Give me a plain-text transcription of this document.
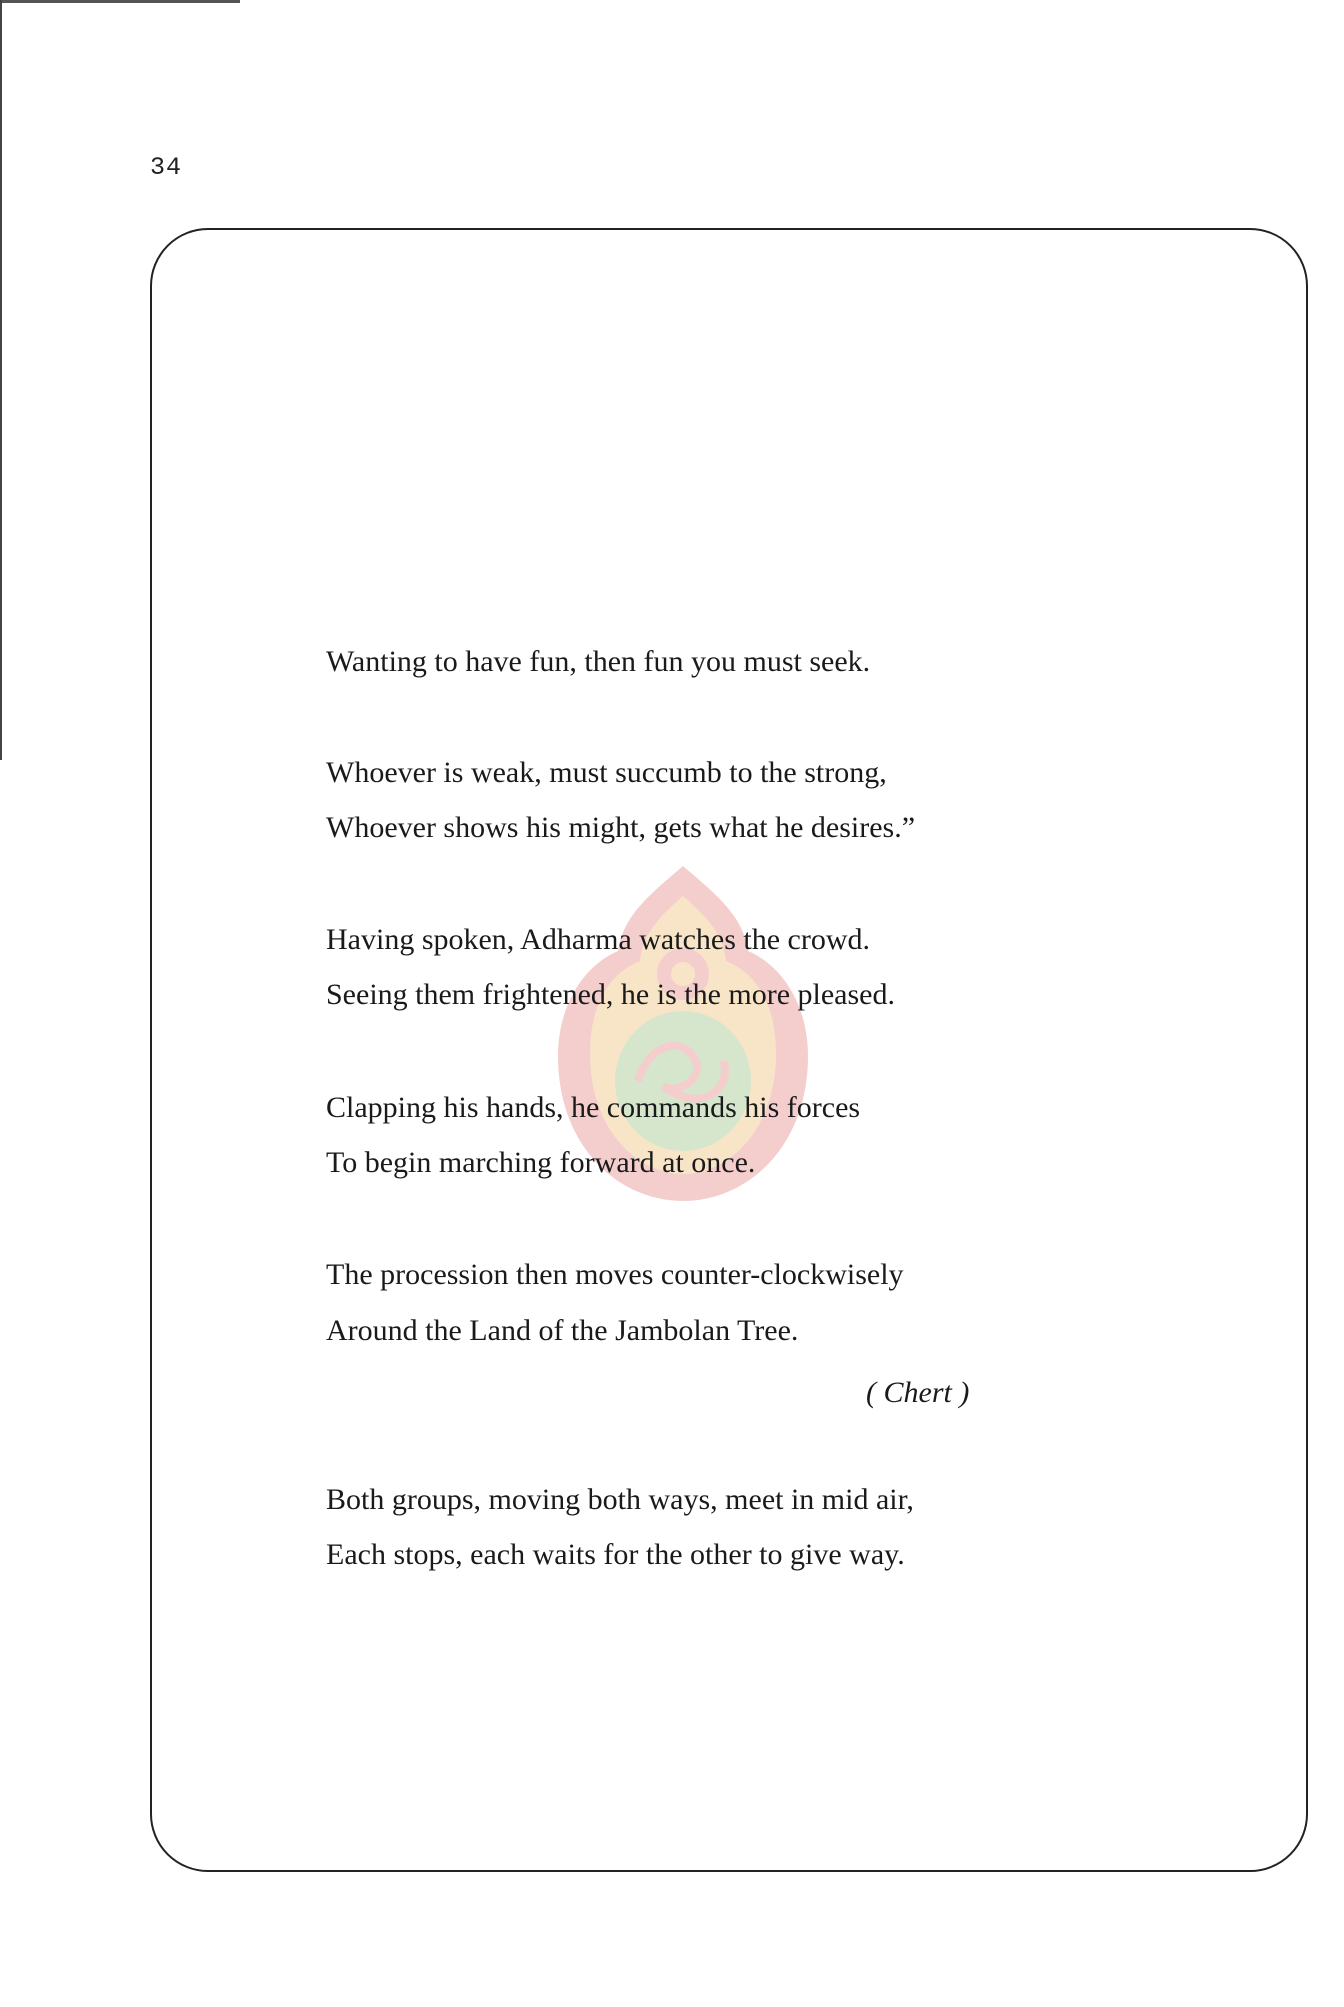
34
Wanting to have fun, then fun you must seek.
Whoever is weak, must succumb to the strong,
Whoever shows his might, gets what he desires.”
Having spoken, Adharma watches the crowd.
Seeing them frightened, he is the more pleased.
Clapping his hands, he commands his forces
To begin marching forward at once.
The procession then moves counter-clockwisely
Around the Land of the Jambolan Tree.
( Chert )
Both groups, moving both ways, meet in mid air,
Each stops, each waits for the other to give way.
